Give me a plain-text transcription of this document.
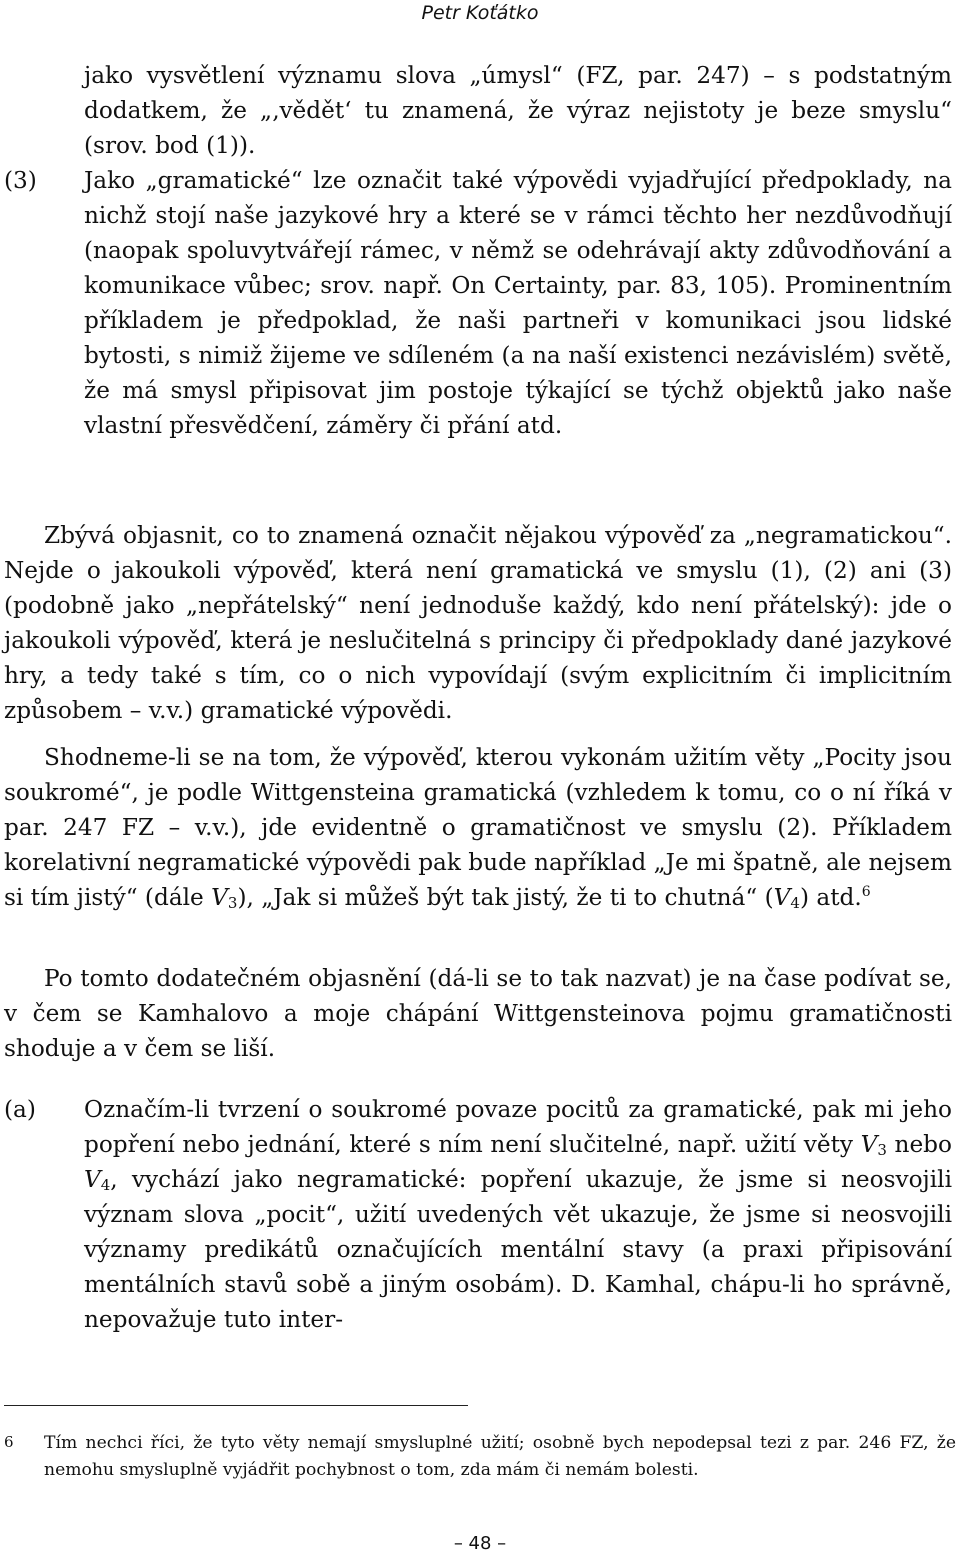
Petr Koťátko
jako vysvětlení významu slova „úmysl“ (FZ, par. 247) – s podstatným dodatkem, že „‚vědět‘ tu znamená, že výraz nejistoty je beze smyslu“ (srov. bod (1)).
(3) Jako „gramatické“ lze označit také výpovědi vyjadřující předpoklady, na nichž stojí naše jazykové hry a které se v rámci těchto her nezdůvodňují (naopak spoluvytvářejí rámec, v němž se odehrávají akty zdůvodňování a komunikace vůbec; srov. např. On Certainty, par. 83, 105). Prominentním příkladem je předpoklad, že naši partneři v komunikaci jsou lidské bytosti, s nimiž žijeme ve sdíleném (a na naší existenci nezávislém) světě, že má smysl připisovat jim postoje týkající se týchž objektů jako naše vlastní přesvědčení, záměry či přání atd.
Zbývá objasnit, co to znamená označit nějakou výpověď za „negramatickou“. Nejde o jakoukoli výpověď, která není gramatická ve smyslu (1), (2) ani (3) (podobně jako „nepřátelský“ není jednoduše každý, kdo není přátelský): jde o jakoukoli výpověď, která je neslučitelná s principy či předpoklady dané jazykové hry, a tedy také s tím, co o nich vypovídají (svým explicitním či implicitním způsobem – v.v.) gramatické výpovědi.
Shodneme-li se na tom, že výpověď, kterou vykonám užitím věty „Pocity jsou soukromé“, je podle Wittgensteina gramatická (vzhledem k tomu, co o ní říká v par. 247 FZ – v.v.), jde evidentně o gramatičnost ve smyslu (2). Příkladem korelativní negramatické výpovědi pak bude například „Je mi špatně, ale nejsem si tím jistý“ (dále $V_3$), „Jak si můžeš být tak jistý, že ti to chutná“ $(V_4)$ atd.$^6$
Po tomto dodatečném objasnění (dá-li se to tak nazvat) je na čase podívat se, v čem se Kamhalovo a moje chápání Wittgensteinova pojmu gramatičnosti shoduje a v čem se liší.
(a) Označím-li tvrzení o soukromé povaze pocitů za gramatické, pak mi jeho popření nebo jednání, které s ním není slučitelné, např. užití věty $V_3$ nebo $V_4$, vychází jako negramatické: popření ukazuje, že jsme si neosvojili význam slova „pocit“, užití uvedených vět ukazuje, že jsme si neosvojili významy predikátů označujících mentální stavy (a praxi připisování mentálních stavů sobě a jiným osobám). D. Kamhal, chápu-li ho správně, nepovažuje tuto inter-
6 Tím nechci říci, že tyto věty nemají smysluplné užití; osobně bych nepodepsal tezi z par. 246 FZ, že nemohu smysluplně vyjádřit pochybnost o tom, zda mám či nemám bolesti.
– 48 –
